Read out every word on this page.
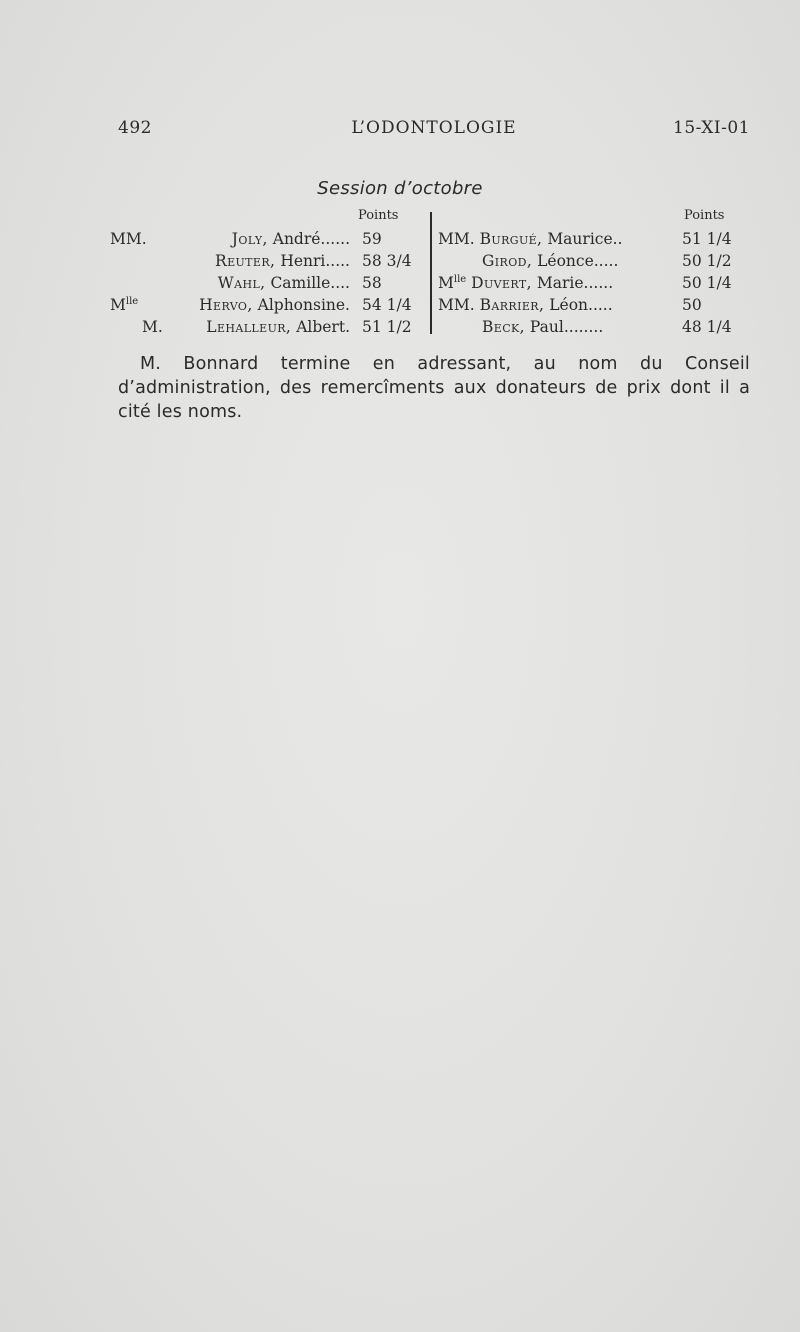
492	L’ODONTOLOGIE	15-XI-01
Session d’octobre
Points
MM.	Joly, André...... 59
Reuter, Henri..... 58 3/4
Wahl, Camille.... 58
$M^{lle}$	Hervo, Alphonsine. 54 1/4
M.	Lehalleur, Albert. 51 1/2
Points
MM. Burgué, Maurice..	51 1/4
Girod, Léonce.....	50 1/2
$M^{lle}$ Duvert, Marie......	50 1/4
MM. Barrier, Léon.....	50
Beck, Paul........	48 1/4

M. Bonnard termine en adressant, au nom du Conseil d’administration, des remercîments aux donateurs de prix dont il a cité les noms.
